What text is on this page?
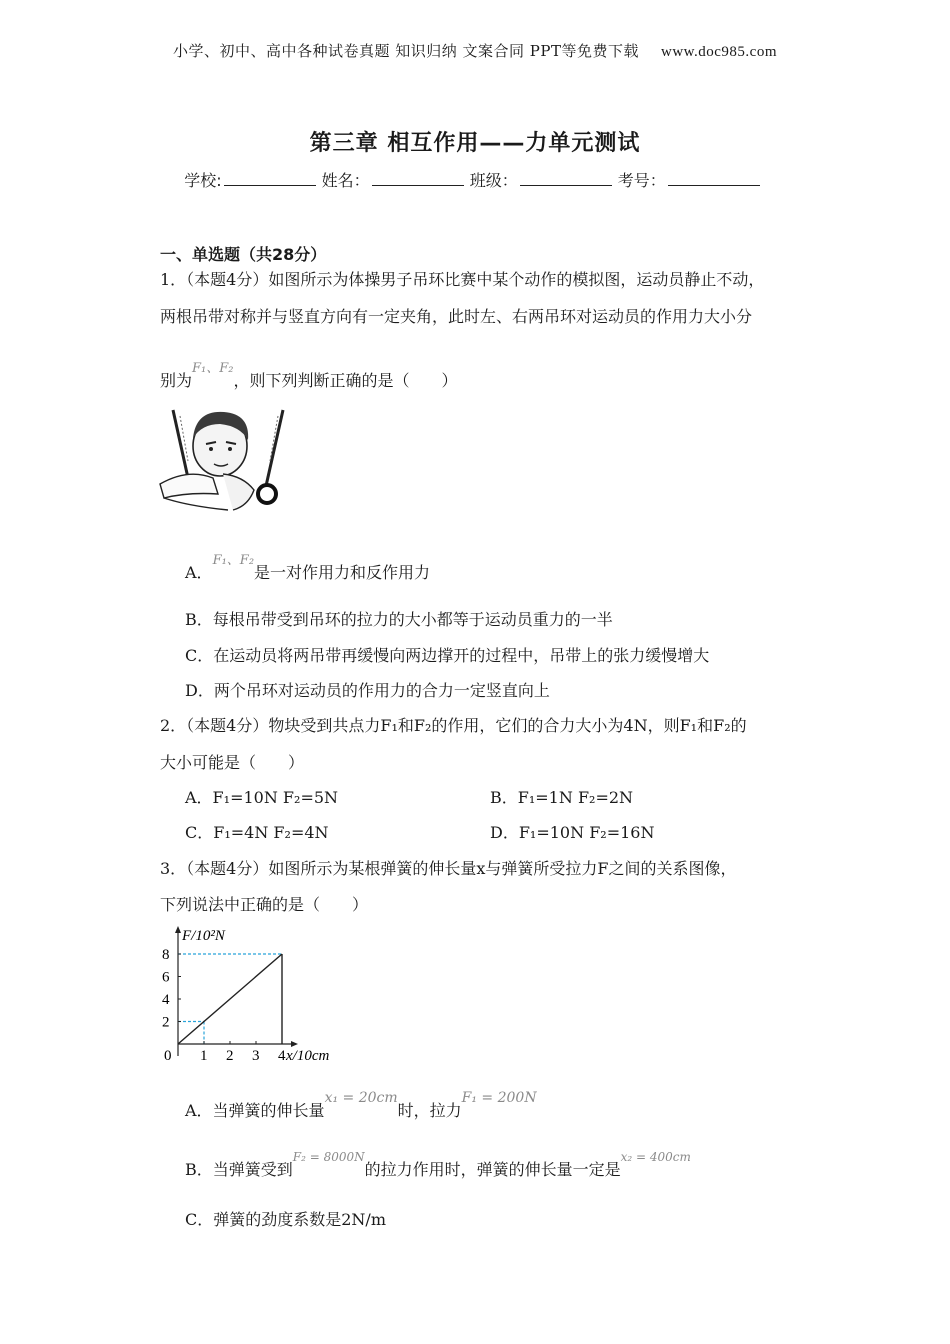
小学、初中、高中各种试卷真题 知识归纳 文案合同 PPT等免费下载 www.doc985.com
第三章 相互作用——力单元测试
学校:	姓名：	班级：	考号：
一、单选题（共28分）
1．（本题4分）如图所示为体操男子吊环比赛中某个动作的模拟图，运动员静止不动，
两根吊带对称并与竖直方向有一定夹角，此时左、右两吊环对运动员的作用力大小分
别为$^{F_1、F_2}$，则下列判断正确的是（　　）
A．$^{F_1、F_2}$是一对作用力和反作用力
B．每根吊带受到吊环的拉力的大小都等于运动员重力的一半
C．在运动员将两吊带再缓慢向两边撑开的过程中，吊带上的张力缓慢增大
D．两个吊环对运动员的作用力的合力一定竖直向上
2．（本题4分）物块受到共点力F₁和F₂的作用，它们的合力大小为4N，则F₁和F₂的
大小可能是（　　）
A．F₁=10N F₂=5N	B．F₁=1N F₂=2N
C．F₁=4N F₂=4N	D．F₁=10N F₂=16N
3．（本题4分）如图所示为某根弹簧的伸长量x与弹簧所受拉力F之间的关系图像，
下列说法中正确的是（　　）
F/10²N
x/10cm
0
2
4
6
8
1 2 3 4
A．当弹簧的伸长量x₁ = 20cm时，拉力F₁ = 200N
B．当弹簧受到$^{F_2 = 8000N}$的拉力作用时，弹簧的伸长量一定是$^{x_2 = 400cm}$
C．弹簧的劲度系数是2N/m
